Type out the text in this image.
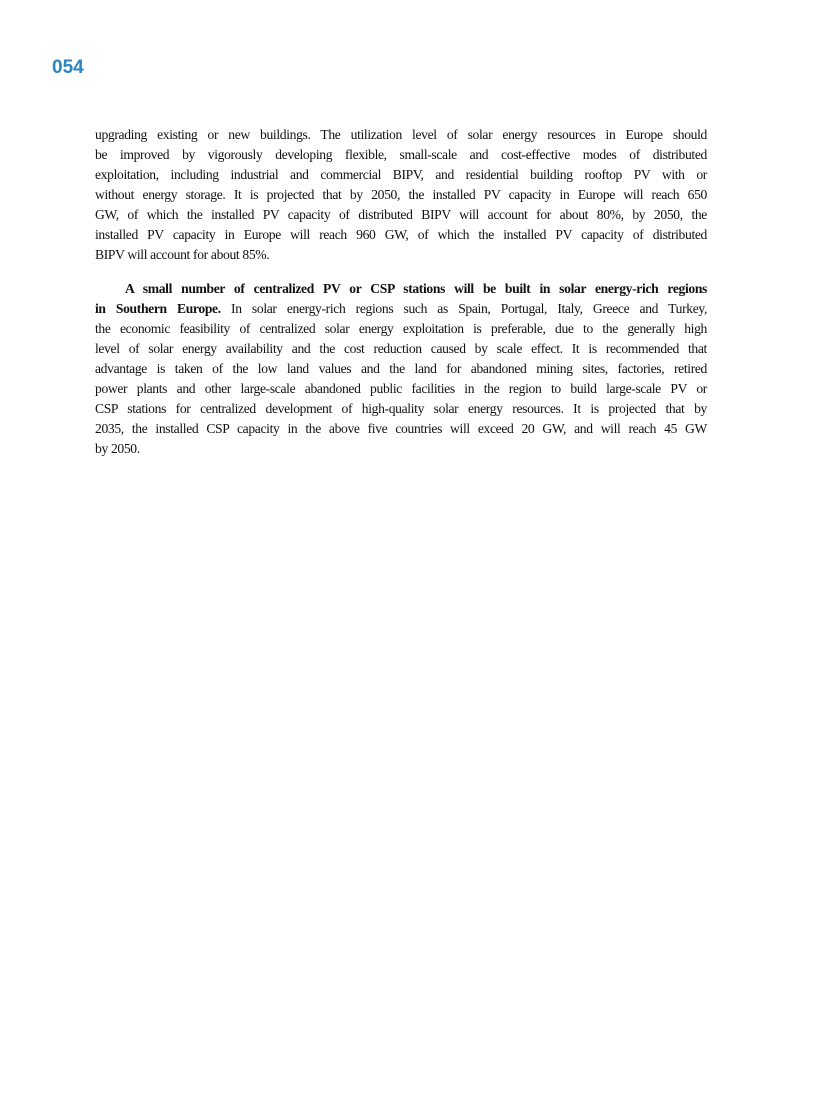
054
upgrading existing or new buildings. The utilization level of solar energy resources in Europe should
be improved by vigorously developing flexible, small-scale and cost-effective modes of distributed
exploitation, including industrial and commercial BIPV, and residential building rooftop PV with or
without energy storage. It is projected that by 2050, the installed PV capacity in Europe will reach 650
GW, of which the installed PV capacity of distributed BIPV will account for about 80%, by 2050, the
installed PV capacity in Europe will reach 960 GW, of which the installed PV capacity of distributed
BIPV will account for about 85%.
A small number of centralized PV or CSP stations will be built in solar energy-rich regions
in Southern Europe. In solar energy-rich regions such as Spain, Portugal, Italy, Greece and Turkey,
the economic feasibility of centralized solar energy exploitation is preferable, due to the generally high
level of solar energy availability and the cost reduction caused by scale effect. It is recommended that
advantage is taken of the low land values and the land for abandoned mining sites, factories, retired
power plants and other large-scale abandoned public facilities in the region to build large-scale PV or
CSP stations for centralized development of high-quality solar energy resources. It is projected that by
2035, the installed CSP capacity in the above five countries will exceed 20 GW, and will reach 45 GW
by 2050.
